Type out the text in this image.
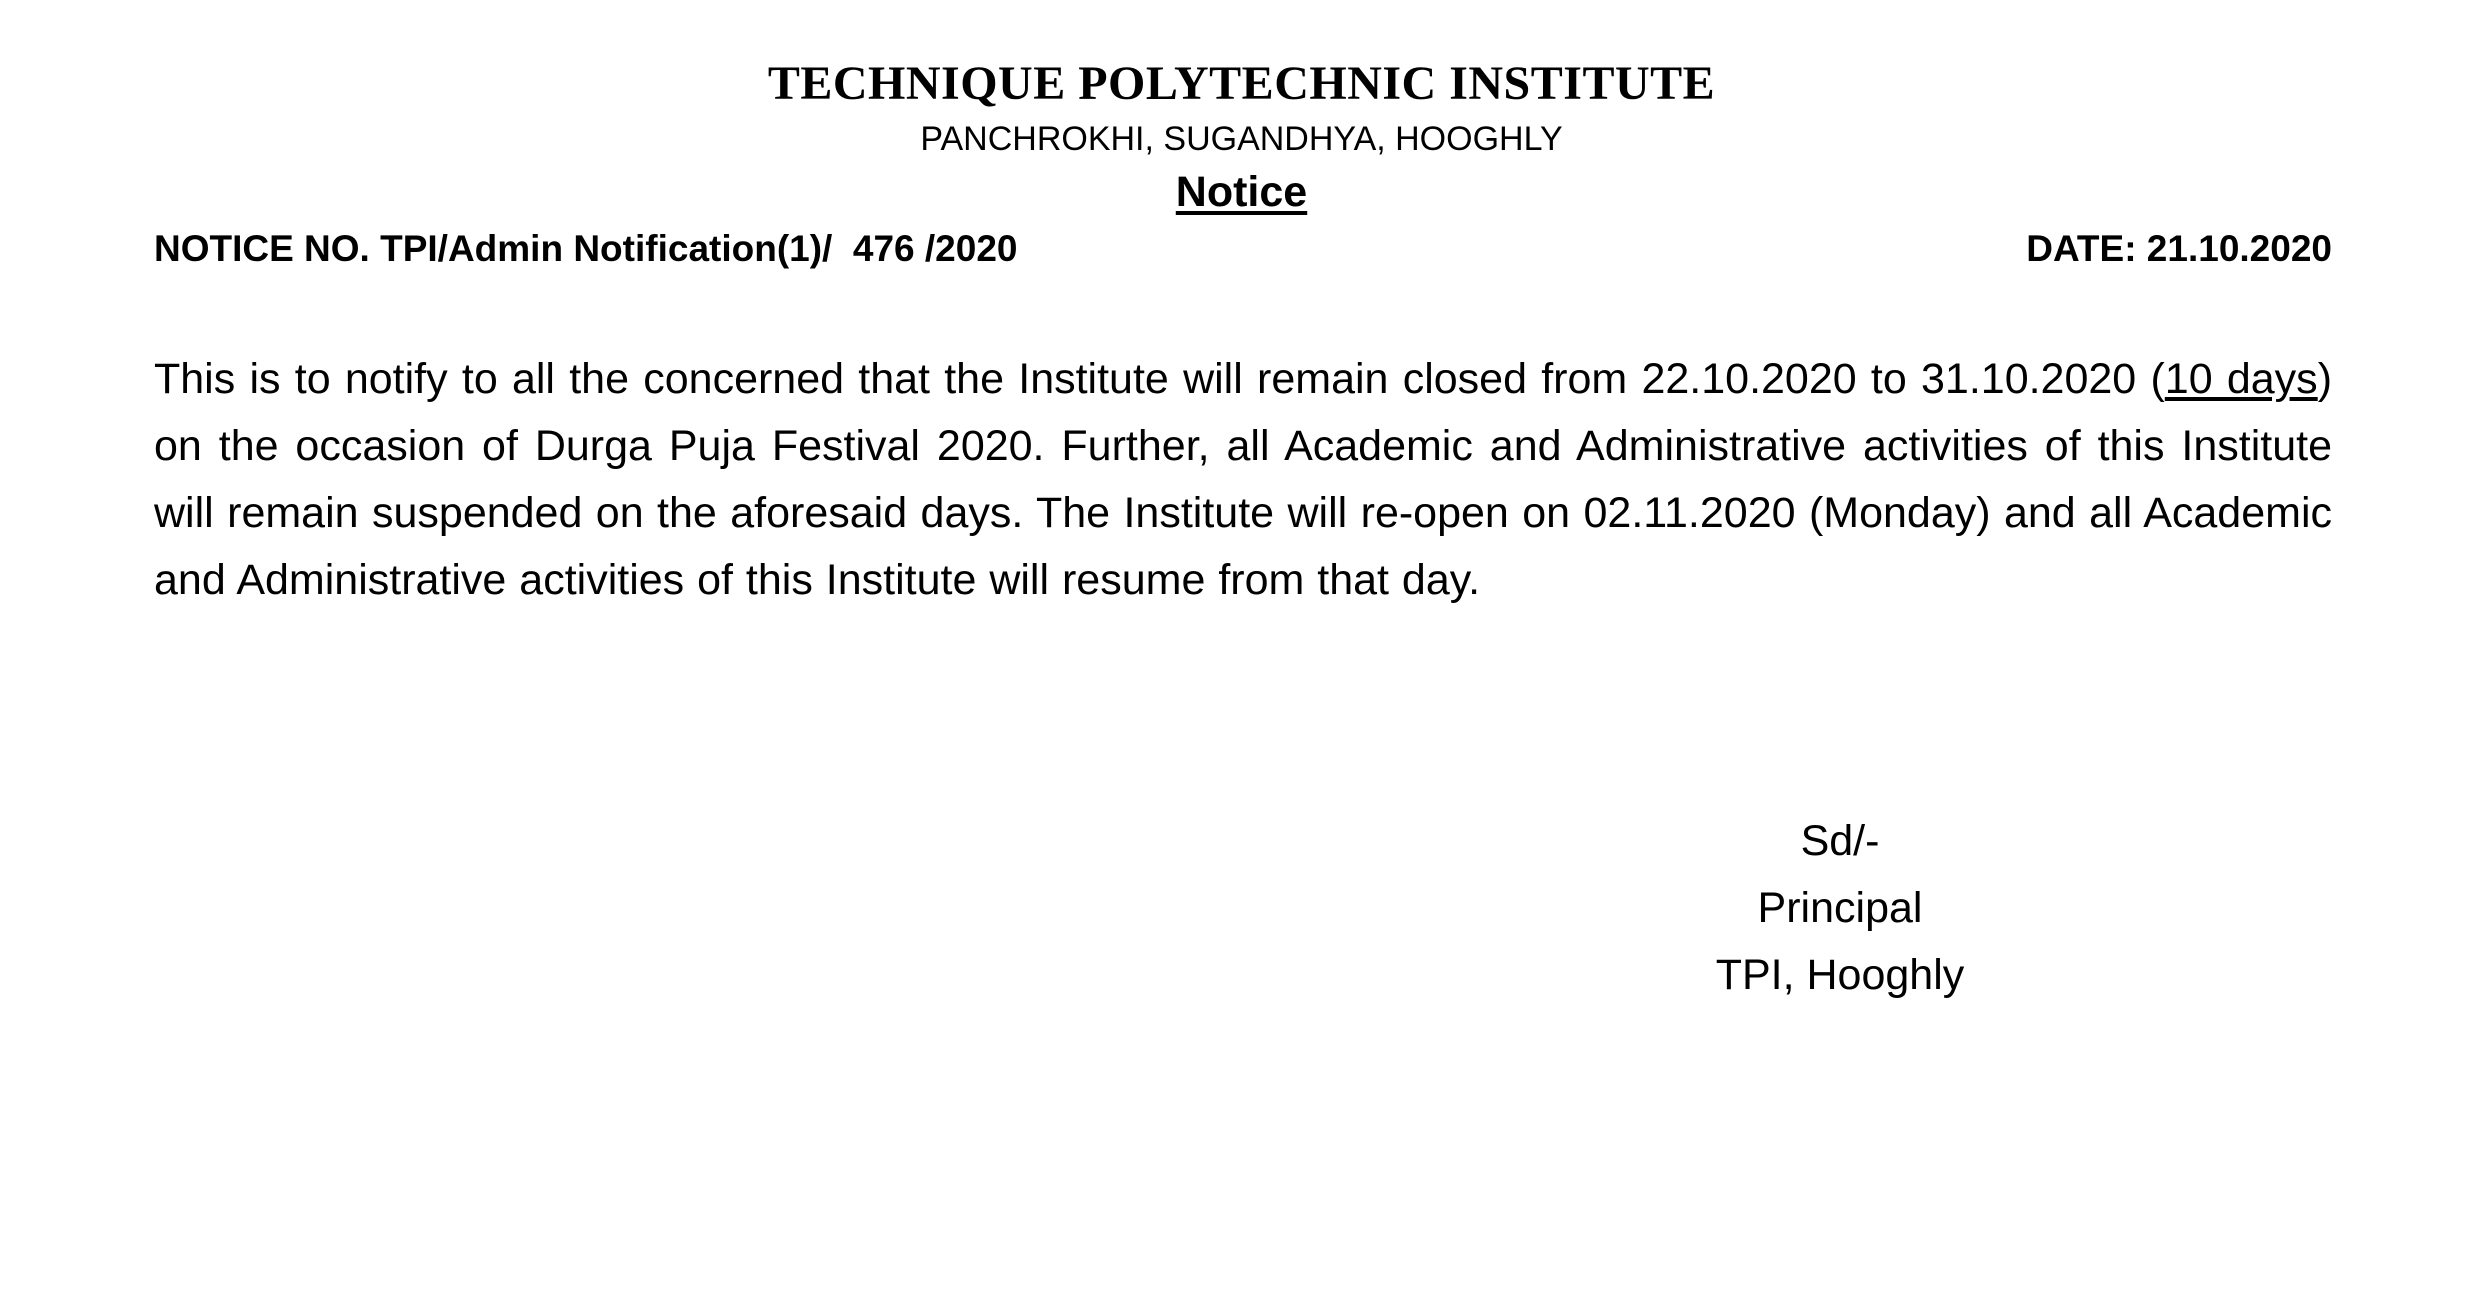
TECHNIQUE POLYTECHNIC INSTITUTE
PANCHROKHI, SUGANDHYA, HOOGHLY
Notice
NOTICE NO. TPI/Admin Notification(1)/  476 /2020	DATE: 21.10.2020
This is to notify to all the concerned that the Institute will remain closed from 22.10.2020 to 31.10.2020 (10 days) on the occasion of Durga Puja Festival 2020. Further, all Academic and Administrative activities of this Institute will remain suspended on the aforesaid days. The Institute will re-open on 02.11.2020 (Monday) and all Academic and Administrative activities of this Institute will resume from that day.
Sd/-
Principal
TPI, Hooghly
